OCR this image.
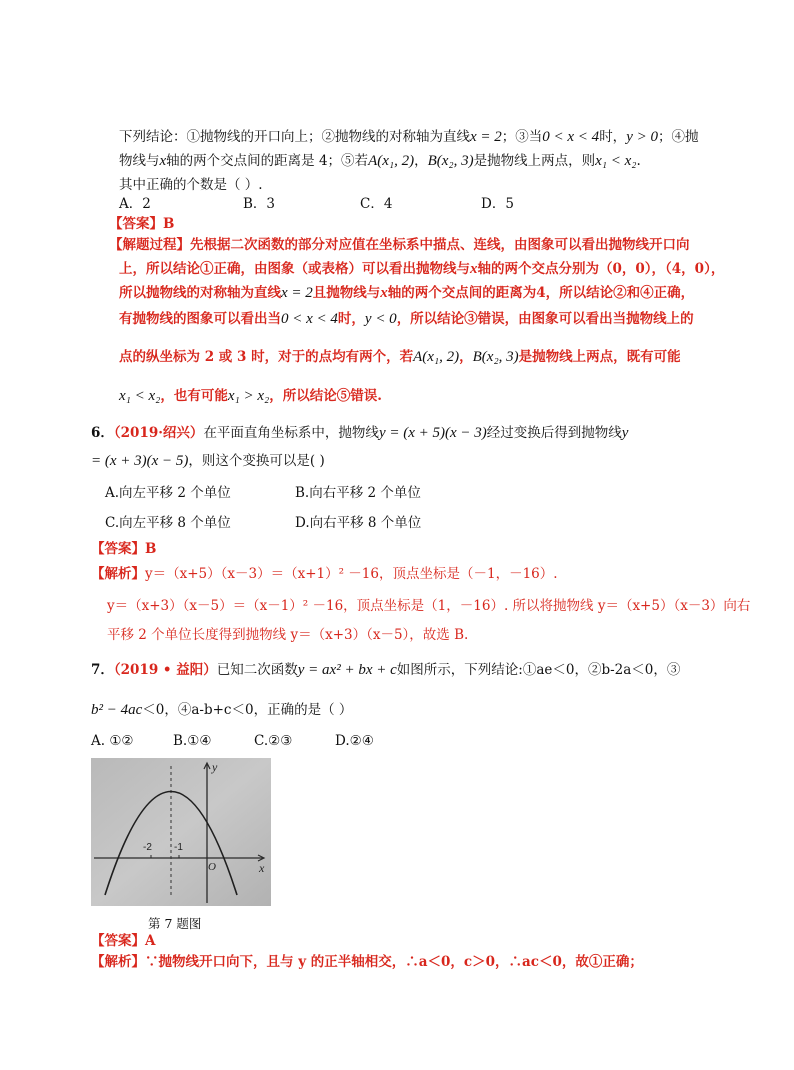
下列结论：①抛物线的开口向上；②抛物线的对称轴为直线x = 2；③当0 < x < 4时，y > 0；④抛
物线与x轴的两个交点间的距离是 4；⑤若A(x₁, 2)，B(x₂, 3)是抛物线上两点，则x₁ < x₂.
其中正确的个数是（ ）.
A．2	B．3	C．4	D．5
【答案】B
【解题过程】先根据二次函数的部分对应值在坐标系中描点、连线，由图象可以看出抛物线开口向
上，所以结论①正确，由图象（或表格）可以看出抛物线与x轴的两个交点分别为（0，0），（4，0），
所以抛物线的对称轴为直线x = 2且抛物线与x轴的两个交点间的距离为4，所以结论②和④正确，
有抛物线的图象可以看出当0 < x < 4时，y < 0，所以结论③错误，由图象可以看出当抛物线上的
点的纵坐标为 2 或 3 时，对于的点均有两个，若A(x₁, 2)，B(x₂, 3)是抛物线上两点，既有可能
x₁ < x₂，也有可能x₁ > x₂，所以结论⑤错误.
6．（2019·绍兴）在平面直角坐标系中，抛物线y = (x + 5)(x − 3)经过变换后得到抛物线y
= (x + 3)(x − 5)，则这个变换可以是( )
A.向左平移 2 个单位	B.向右平移 2 个单位
C.向左平移 8 个单位	D.向右平移 8 个单位
【答案】B
【解析】y＝（x+5）（x－3）＝（x+1）² －16，顶点坐标是（－1，－16）.
y＝（x+3）（x－5）＝（x－1）² －16，顶点坐标是（1，－16）. 所以将抛物线 y＝（x+5）（x－3）向右
平移 2 个单位长度得到抛物线 y＝（x+3）（x－5），故选 B.
7．（2019 • 益阳）已知二次函数y = ax² + bx + c如图所示，下列结论:①ae＜0，②b-2a＜0，③
b² − 4ac＜0，④a-b+c＜0，正确的是（ ）
A. ①②	B.①④	C.②③	D.②④
y
x
-2 -1
O
第 7 题图
【答案】A
【解析】∵抛物线开口向下，且与 y 的正半轴相交，∴a＜0，c＞0，∴ac＜0，故①正确；
